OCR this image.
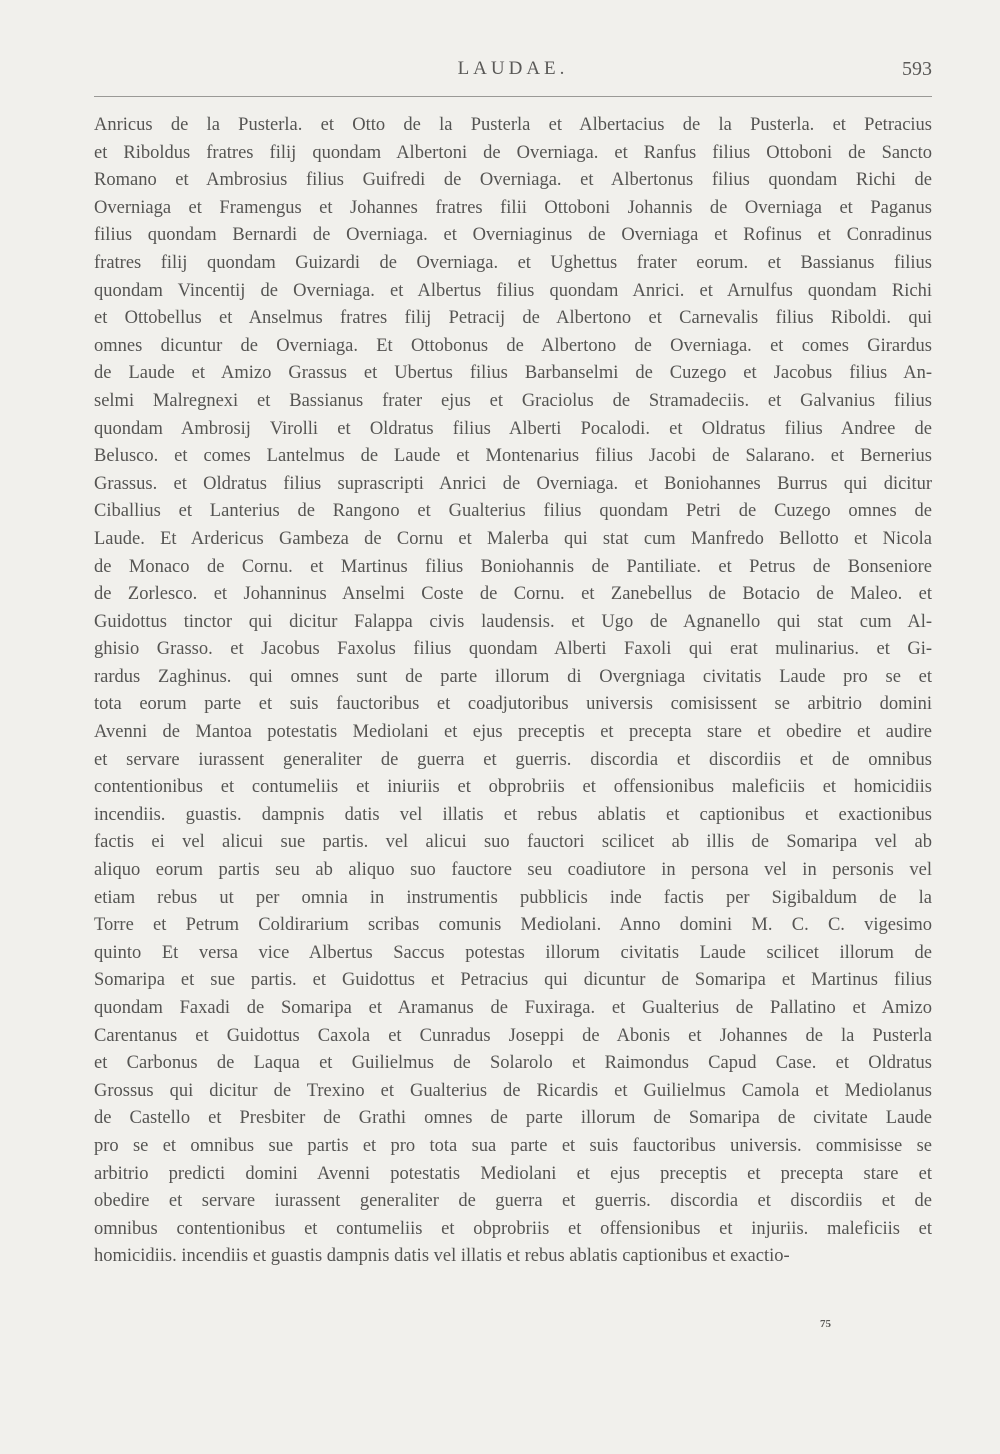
LAUDAE.	593
Anricus de la Pusterla. et Otto de la Pusterla et Albertacius de la Pusterla. et Petracius
et Riboldus fratres filij quondam Albertoni de Overniaga. et Ranfus filius Ottoboni de Sancto
Romano et Ambrosius filius Guifredi de Overniaga. et Albertonus filius quondam Richi de
Overniaga et Framengus et Johannes fratres filii Ottoboni Johannis de Overniaga et Paganus
filius quondam Bernardi de Overniaga. et Overniaginus de Overniaga et Rofinus et Conradinus
fratres filij quondam Guizardi de Overniaga. et Ughettus frater eorum. et Bassianus filius
quondam Vincentij de Overniaga. et Albertus filius quondam Anrici. et Arnulfus quondam Richi
et Ottobellus et Anselmus fratres filij Petracij de Albertono et Carnevalis filius Riboldi. qui
omnes dicuntur de Overniaga. Et Ottobonus de Albertono de Overniaga. et comes Girardus
de Laude et Amizo Grassus et Ubertus filius Barbanselmi de Cuzego et Jacobus filius An-
selmi Malregnexi et Bassianus frater ejus et Graciolus de Stramadeciis. et Galvanius filius
quondam Ambrosij Virolli et Oldratus filius Alberti Pocalodi. et Oldratus filius Andree de
Belusco. et comes Lantelmus de Laude et Montenarius filius Jacobi de Salarano. et Bernerius
Grassus. et Oldratus filius suprascripti Anrici de Overniaga. et Boniohannes Burrus qui dicitur
Ciballius et Lanterius de Rangono et Gualterius filius quondam Petri de Cuzego omnes de
Laude. Et Ardericus Gambeza de Cornu et Malerba qui stat cum Manfredo Bellotto et Nicola
de Monaco de Cornu. et Martinus filius Boniohannis de Pantiliate. et Petrus de Bonseniore
de Zorlesco. et Johanninus Anselmi Coste de Cornu. et Zanebellus de Botacio de Maleo. et
Guidottus tinctor qui dicitur Falappa civis laudensis. et Ugo de Agnanello qui stat cum Al-
ghisio Grasso. et Jacobus Faxolus filius quondam Alberti Faxoli qui erat mulinarius. et Gi-
rardus Zaghinus. qui omnes sunt de parte illorum di Overgniaga civitatis Laude pro se et
tota eorum parte et suis fauctoribus et coadjutoribus universis comisissent se arbitrio domini
Avenni de Mantoa potestatis Mediolani et ejus preceptis et precepta stare et obedire et audire
et servare iurassent generaliter de guerra et guerris. discordia et discordiis et de omnibus
contentionibus et contumeliis et iniuriis et obprobriis et offensionibus maleficiis et homicidiis
incendiis. guastis. dampnis datis vel illatis et rebus ablatis et captionibus et exactionibus
factis ei vel alicui sue partis. vel alicui suo fauctori scilicet ab illis de Somaripa vel ab
aliquo eorum partis seu ab aliquo suo fauctore seu coadiutore in persona vel in personis vel
etiam rebus ut per omnia in instrumentis pubblicis inde factis per Sigibaldum de la
Torre et Petrum Coldirarium scribas comunis Mediolani. Anno domini M. C. C. vigesimo
quinto Et versa vice Albertus Saccus potestas illorum civitatis Laude scilicet illorum de
Somaripa et sue partis. et Guidottus et Petracius qui dicuntur de Somaripa et Martinus filius
quondam Faxadi de Somaripa et Aramanus de Fuxiraga. et Gualterius de Pallatino et Amizo
Carentanus et Guidottus Caxola et Cunradus Joseppi de Abonis et Johannes de la Pusterla
et Carbonus de Laqua et Guilielmus de Solarolo et Raimondus Capud Case. et Oldratus
Grossus qui dicitur de Trexino et Gualterius de Ricardis et Guilielmus Camola et Mediolanus
de Castello et Presbiter de Grathi omnes de parte illorum de Somaripa de civitate Laude
pro se et omnibus sue partis et pro tota sua parte et suis fauctoribus universis. commisisse se
arbitrio predicti domini Avenni potestatis Mediolani et ejus preceptis et precepta stare et
obedire et servare iurassent generaliter de guerra et guerris. discordia et discordiis et de
omnibus contentionibus et contumeliis et obprobriis et offensionibus et injuriis. maleficiis et
homicidiis. incendiis et guastis dampnis datis vel illatis et rebus ablatis captionibus et exactio-
75
